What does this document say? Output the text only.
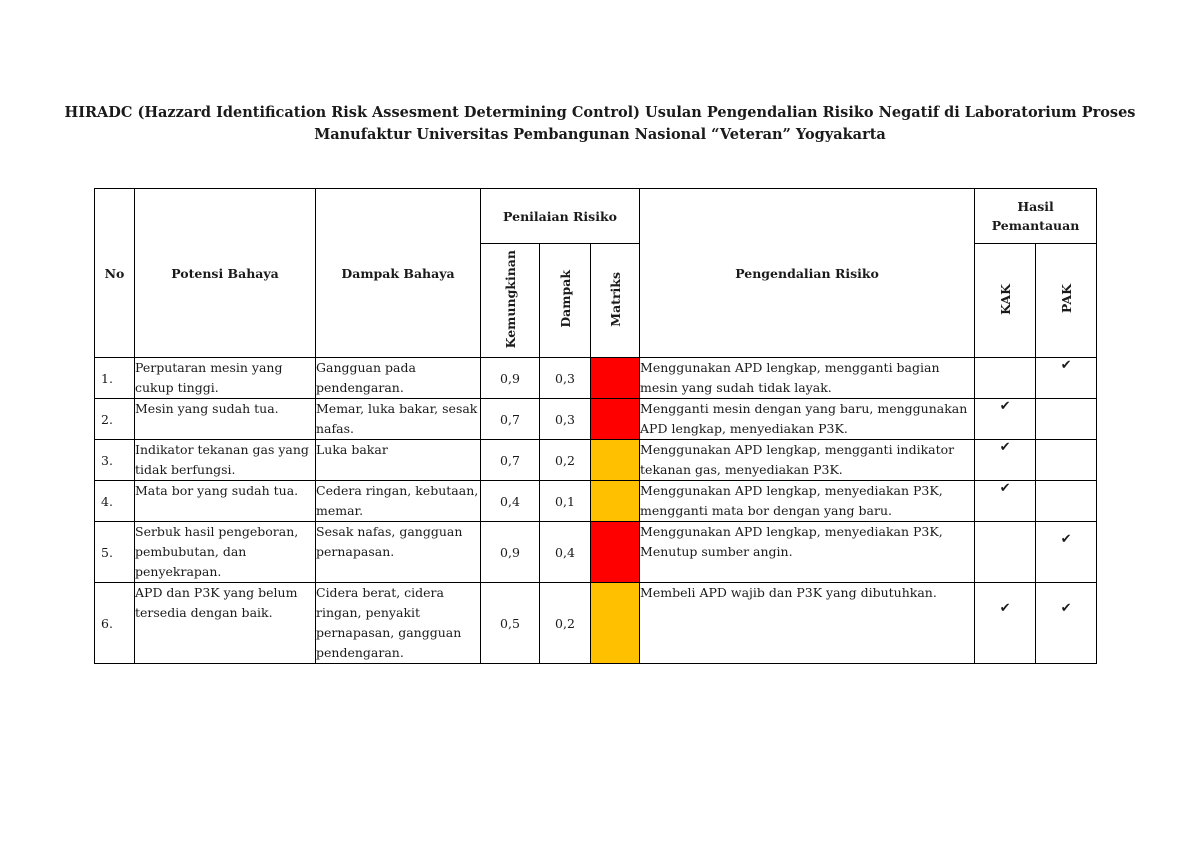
HIRADC (Hazzard Identification Risk Assesment Determining Control) Usulan Pengendalian Risiko Negatif di Laboratorium Proses
Manufaktur Universitas Pembangunan Nasional “Veteran” Yogyakarta
No	Potensi Bahaya	Dampak Bahaya	Penilaian Risiko			Pengendalian Risiko	Hasil Pemantauan	
			Kemungkinan	Dampak	Matriks		KAK	PAK
1.	Perputaran mesin yang cukup tinggi.	Gangguan pada pendengaran.	0,9	0,3		Menggunakan APD lengkap, mengganti bagian mesin yang sudah tidak layak.		✔
2.	Mesin yang sudah tua.	Memar, luka bakar, sesak nafas.	0,7	0,3		Mengganti mesin dengan yang baru, menggunakan APD lengkap, menyediakan P3K.	✔	
3.	Indikator tekanan gas yang tidak berfungsi.	Luka bakar	0,7	0,2		Menggunakan APD lengkap, mengganti indikator tekanan gas, menyediakan P3K.	✔	
4.	Mata bor yang sudah tua.	Cedera ringan, kebutaan, memar.	0,4	0,1		Menggunakan APD lengkap, menyediakan P3K, mengganti mata bor dengan yang baru.	✔	
5.	Serbuk hasil pengeboran, pembubutan, dan penyekrapan.	Sesak nafas, gangguan pernapasan.	0,9	0,4		Menggunakan APD lengkap, menyediakan P3K, Menutup sumber angin.		✔
6.	APD dan P3K yang belum tersedia dengan baik.	Cidera berat, cidera ringan, penyakit pernapasan, gangguan pendengaran.	0,5	0,2		Membeli APD wajib dan P3K yang dibutuhkan.	✔	✔
